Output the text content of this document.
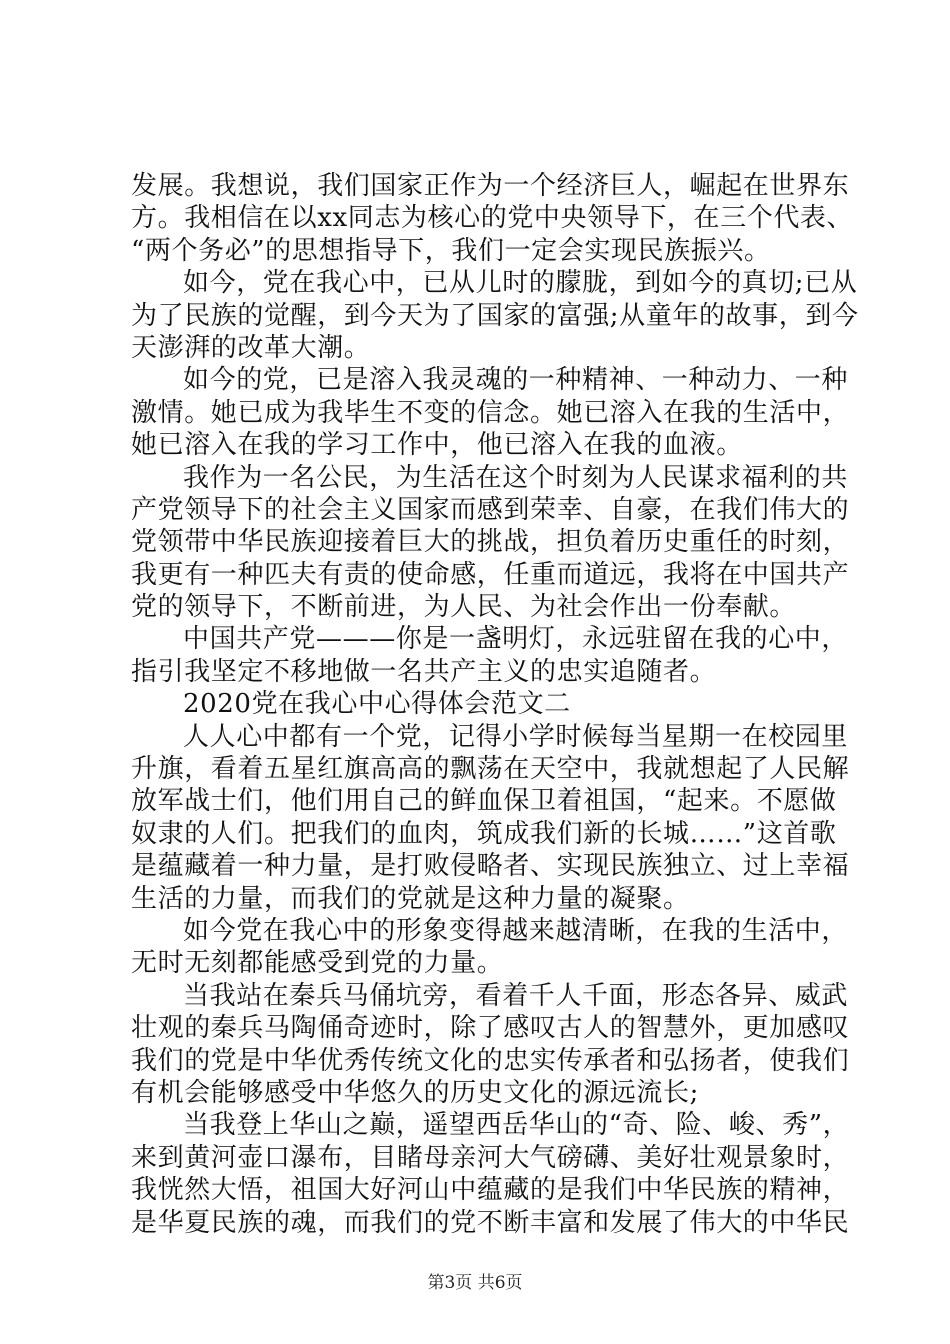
发展。我想说，我们国家正作为一个经济巨人，崛起在世界东
方。我相信在以xx同志为核心的党中央领导下，在三个代表、
“两个务必”的思想指导下，我们一定会实现民族振兴。
如今，党在我心中，已从儿时的朦胧，到如今的真切;已从
为了民族的觉醒，到今天为了国家的富强;从童年的故事，到今
天澎湃的改革大潮。
如今的党，已是溶入我灵魂的一种精神、一种动力、一种
激情。她已成为我毕生不变的信念。她已溶入在我的生活中，
她已溶入在我的学习工作中，他已溶入在我的血液。
我作为一名公民，为生活在这个时刻为人民谋求福利的共
产党领导下的社会主义国家而感到荣幸、自豪，在我们伟大的
党领带中华民族迎接着巨大的挑战，担负着历史重任的时刻，
我更有一种匹夫有责的使命感，任重而道远，我将在中国共产
党的领导下，不断前进，为人民、为社会作出一份奉献。
中国共产党———你是一盏明灯，永远驻留在我的心中，
指引我坚定不移地做一名共产主义的忠实追随者。
2020党在我心中心得体会范文二
人人心中都有一个党，记得小学时候每当星期一在校园里
升旗，看着五星红旗高高的飘荡在天空中，我就想起了人民解
放军战士们，他们用自己的鲜血保卫着祖国，“起来。不愿做
奴隶的人们。把我们的血肉，筑成我们新的长城……”这首歌
是蕴藏着一种力量，是打败侵略者、实现民族独立、过上幸福
生活的力量，而我们的党就是这种力量的凝聚。
如今党在我心中的形象变得越来越清晰，在我的生活中，
无时无刻都能感受到党的力量。
当我站在秦兵马俑坑旁，看着千人千面，形态各异、威武
壮观的秦兵马陶俑奇迹时，除了感叹古人的智慧外，更加感叹
我们的党是中华优秀传统文化的忠实传承者和弘扬者，使我们
有机会能够感受中华悠久的历史文化的源远流长;
当我登上华山之巅，遥望西岳华山的“奇、险、峻、秀”，
来到黄河壶口瀑布，目睹母亲河大气磅礴、美好壮观景象时，
我恍然大悟，祖国大好河山中蕴藏的是我们中华民族的精神，
是华夏民族的魂，而我们的党不断丰富和发展了伟大的中华民
第3页 共6页
